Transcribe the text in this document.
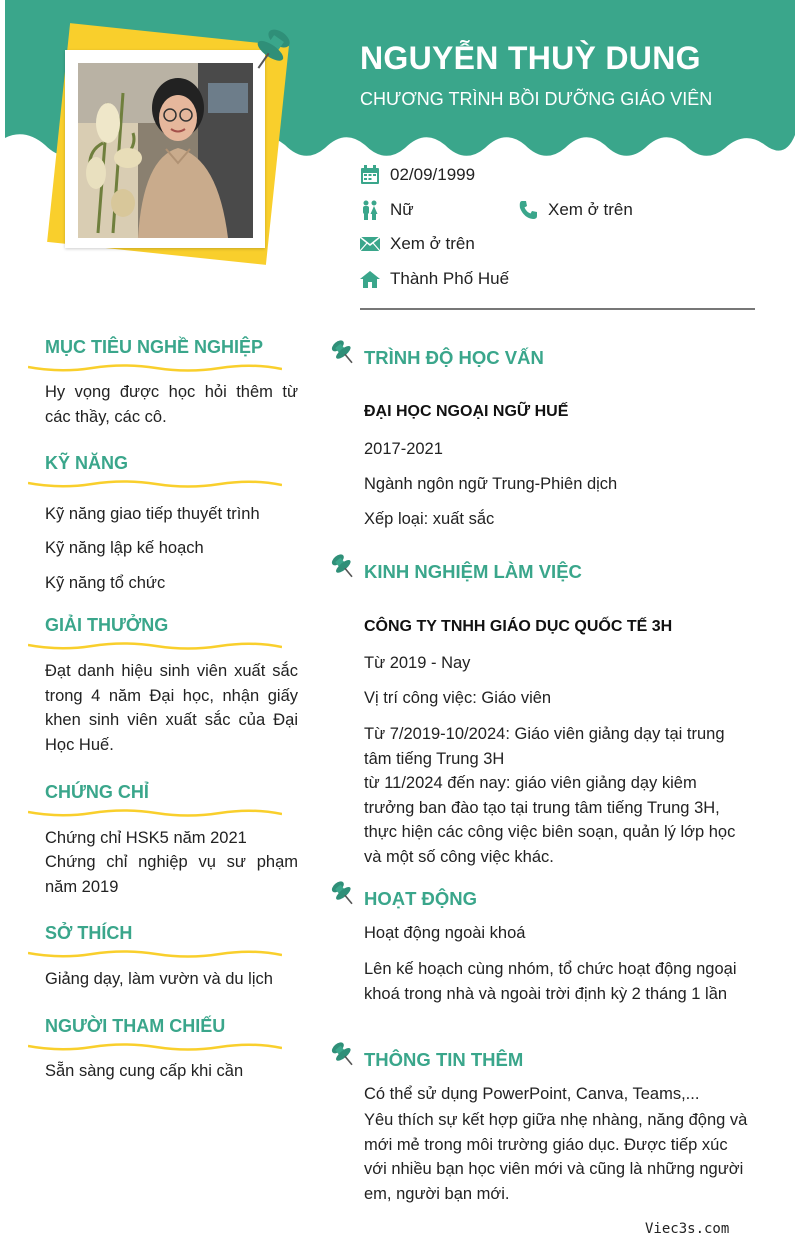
NGUYỄN THUỲ DUNG
CHƯƠNG TRÌNH BỒI DƯỠNG GIÁO VIÊN
02/09/1999
Nữ	Xem ở trên
Xem ở trên
Thành Phố Huế
MỤC TIÊU NGHỀ NGHIỆP
Hy vọng được học hỏi thêm từ các thầy, các cô.
KỸ NĂNG
Kỹ năng giao tiếp thuyết trình
Kỹ năng lập kế hoạch
Kỹ năng tổ chức
GIẢI THƯỞNG
Đạt danh hiệu sinh viên xuất sắc trong 4 năm Đại học, nhận giấy khen sinh viên xuất sắc của Đại Học Huế.
CHỨNG CHỈ
Chứng chỉ HSK5 năm 2021
Chứng chỉ nghiệp vụ sư phạm năm 2019
SỞ THÍCH
Giảng dạy, làm vườn và du lịch
NGƯỜI THAM CHIẾU
Sẵn sàng cung cấp khi cần
TRÌNH ĐỘ HỌC VẤN
ĐẠI HỌC NGOẠI NGỮ HUẾ
2017-2021
Ngành ngôn ngữ Trung-Phiên dịch
Xếp loại: xuất sắc
KINH NGHIỆM LÀM VIỆC
CÔNG TY TNHH GIÁO DỤC QUỐC TẾ 3H
Từ 2019 - Nay
Vị trí công việc: Giáo viên
Từ 7/2019-10/2024: Giáo viên giảng dạy tại trung tâm tiếng Trung 3H
từ 11/2024 đến nay: giáo viên giảng dạy kiêm trưởng ban đào tạo tại trung tâm tiếng Trung 3H, thực hiện các công việc biên soạn, quản lý lớp học và một số công việc khác.
HOẠT ĐỘNG
Hoạt động ngoài khoá
Lên kế hoạch cùng nhóm, tổ chức hoạt động ngoại khoá trong nhà và ngoài trời định kỳ 2 tháng 1 lần
THÔNG TIN THÊM
Có thể sử dụng PowerPoint, Canva, Teams,...
Yêu thích sự kết hợp giữa nhẹ nhàng, năng động và mới mẻ trong môi trường giáo dục. Được tiếp xúc với nhiều bạn học viên mới và cũng là những người em, người bạn mới.
Viec3s.com
